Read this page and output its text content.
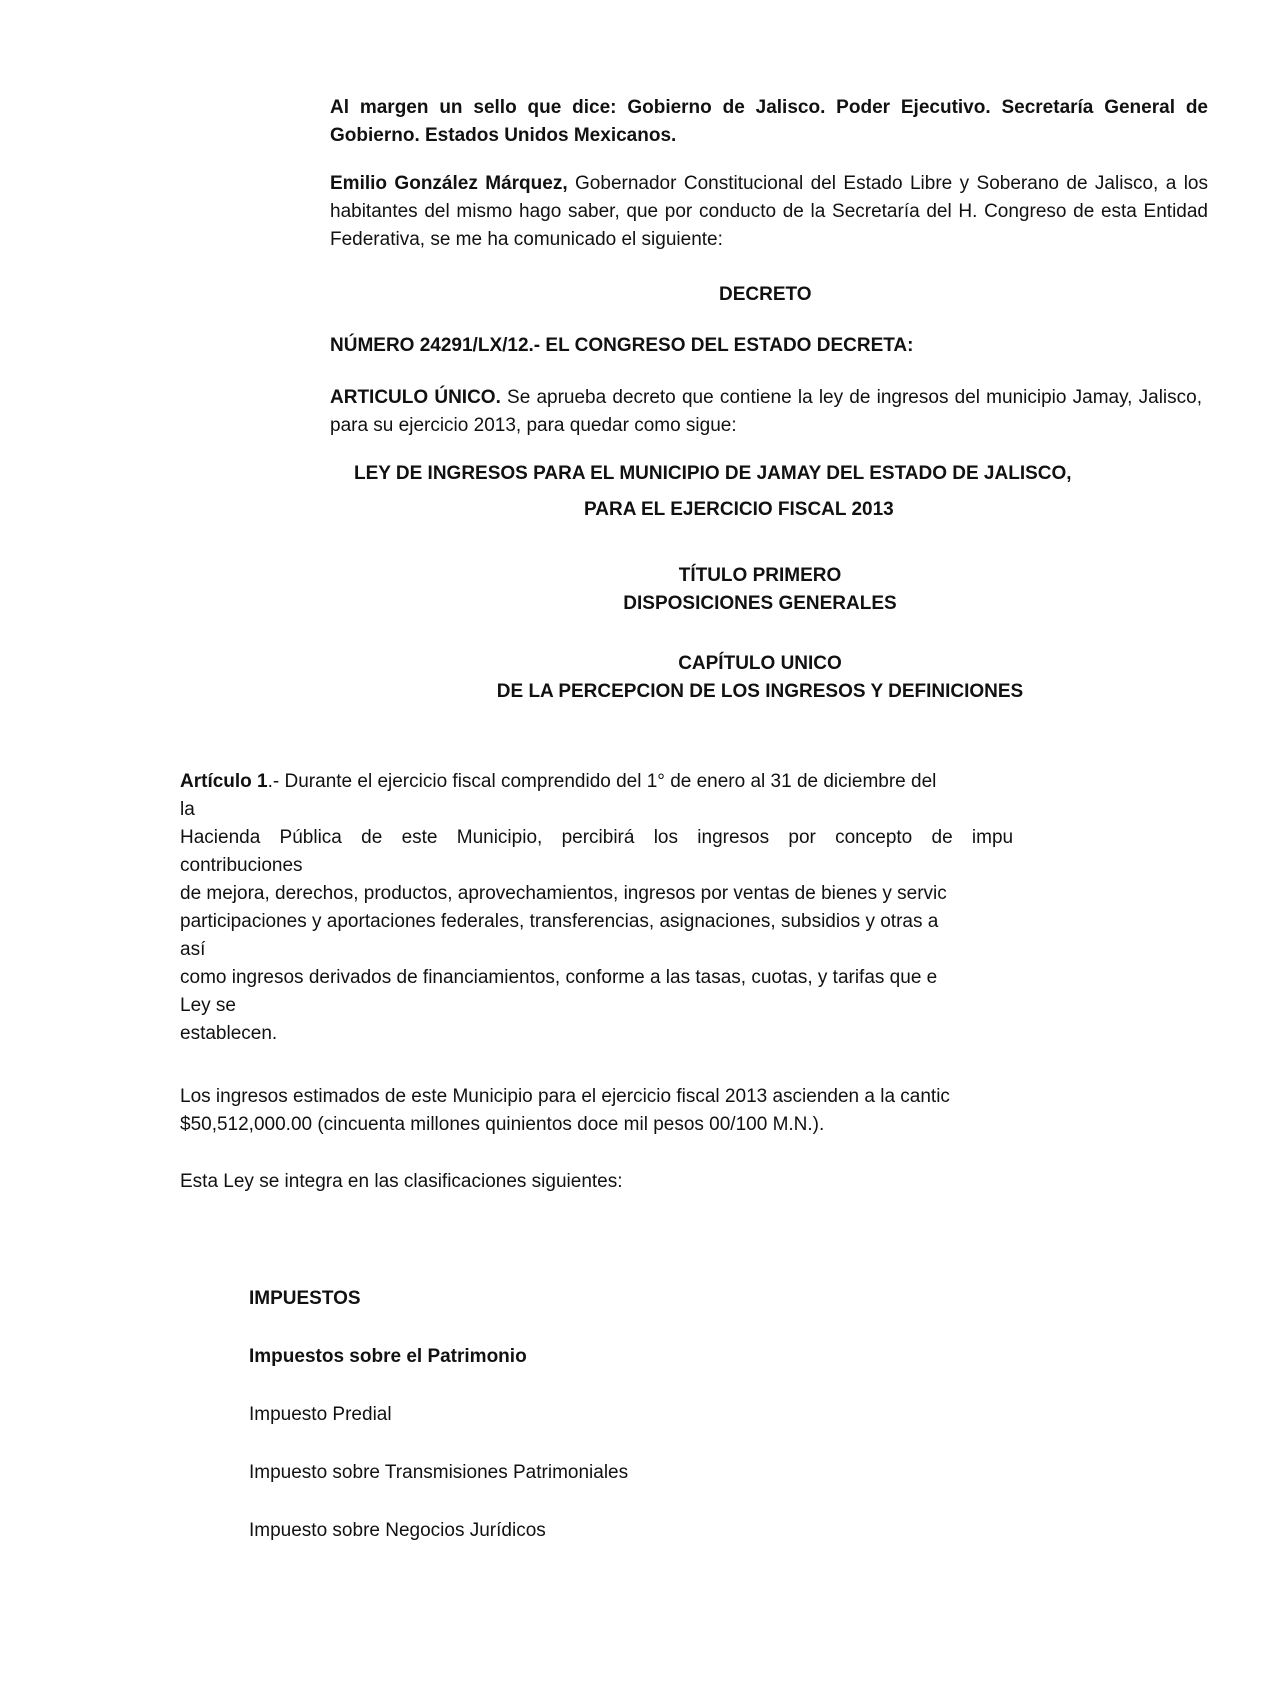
Al margen un sello que dice: Gobierno de Jalisco. Poder Ejecutivo. Secretaría General de Gobierno. Estados Unidos Mexicanos.

Emilio González Márquez, Gobernador Constitucional del Estado Libre y Soberano de Jalisco, a los habitantes del mismo hago saber, que por conducto de la Secretaría del H. Congreso de esta Entidad Federativa, se me ha comunicado el siguiente:

DECRETO

NÚMERO 24291/LX/12.- EL CONGRESO DEL ESTADO DECRETA:

ARTICULO ÚNICO. Se aprueba decreto que contiene la ley de ingresos del municipio Jamay, Jalisco, para su ejercicio 2013, para quedar como sigue:

LEY DE INGRESOS PARA EL MUNICIPIO DE JAMAY DEL ESTADO DE JALISCO,

PARA EL EJERCICIO FISCAL 2013

TÍTULO PRIMERO

DISPOSICIONES GENERALES

CAPÍTULO UNICO

DE LA PERCEPCION DE LOS INGRESOS Y DEFINICIONES

Artículo 1.- Durante el ejercicio fiscal comprendido del 1° de enero al 31 de diciembre del
la
Hacienda Pública de este Municipio, percibirá los ingresos por concepto de impu
contribuciones
de mejora, derechos, productos, aprovechamientos, ingresos por ventas de bienes y servic
participaciones y aportaciones federales, transferencias, asignaciones, subsidios y otras a
así
como ingresos derivados de financiamientos, conforme a las tasas, cuotas, y tarifas que e
Ley se
establecen.
Los ingresos estimados de este Municipio para el ejercicio fiscal 2013 ascienden a la cantic
$50,512,000.00 (cincuenta millones quinientos doce mil pesos 00/100 M.N.).

Esta Ley se integra en las clasificaciones siguientes:

IMPUESTOS

Impuestos sobre el Patrimonio

Impuesto Predial

Impuesto sobre Transmisiones Patrimoniales

Impuesto sobre Negocios Jurídicos
